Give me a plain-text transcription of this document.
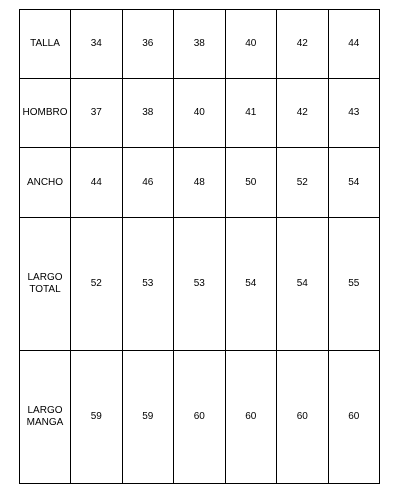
TALLA	34	36	38	40	42	44
HOMBRO	37	38	40	41	42	43
ANCHO	44	46	48	50	52	54
LARGO
TOTAL	52	53	53	54	54	55
LARGO
MANGA	59	59	60	60	60	60
